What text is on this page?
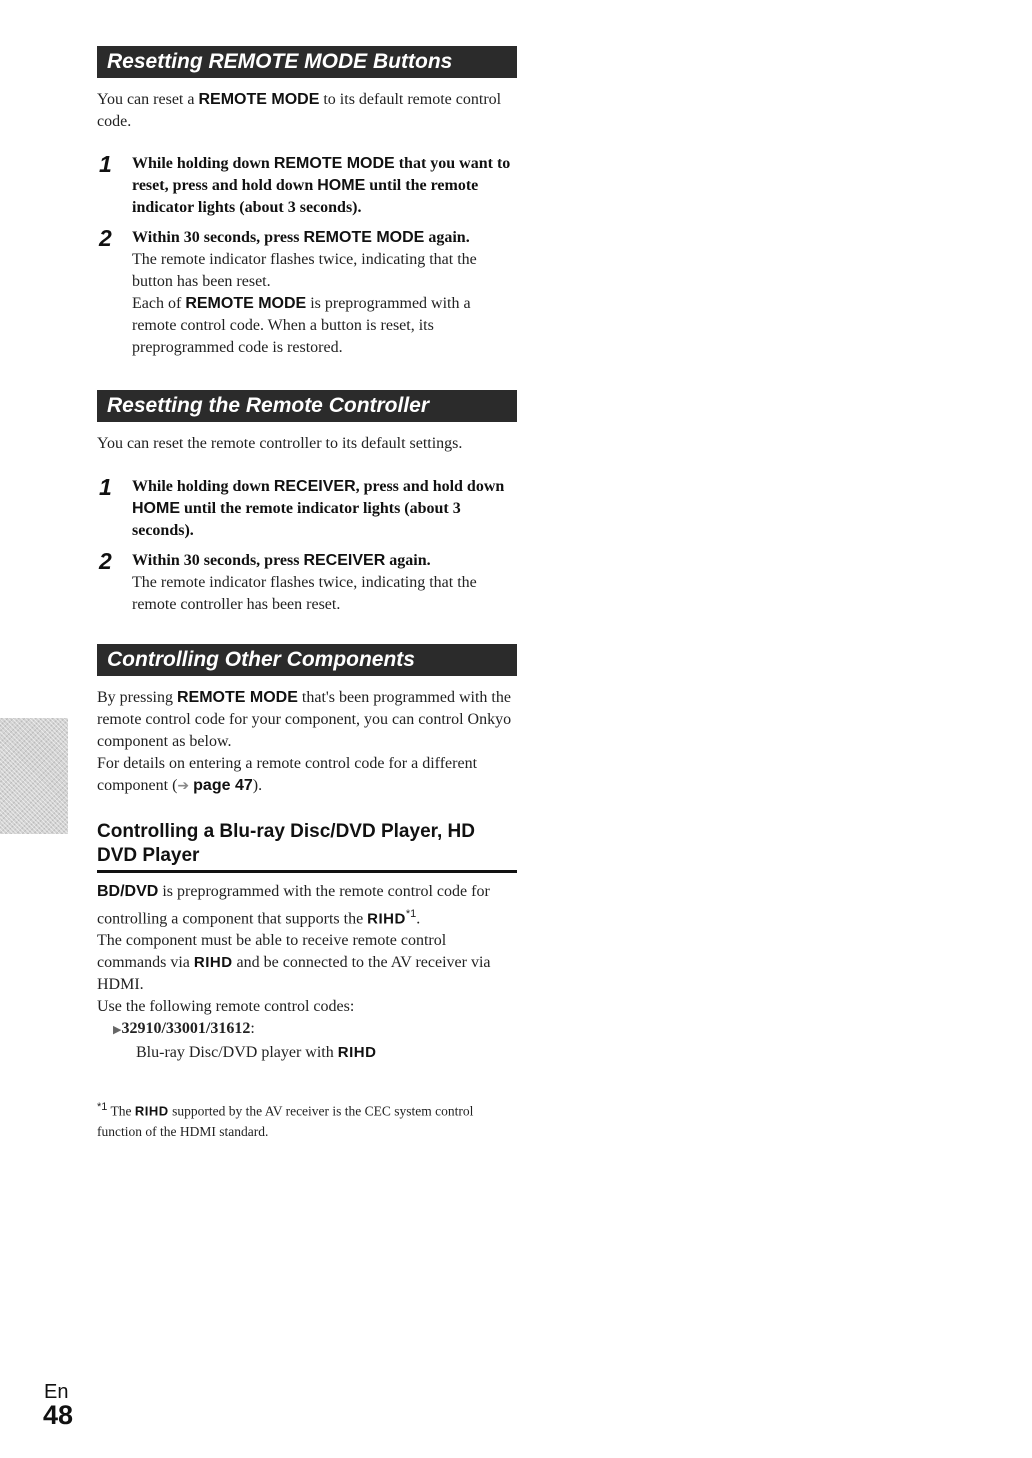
Resetting REMOTE MODE Buttons

You can reset a REMOTE MODE to its default remote control code.

1 While holding down REMOTE MODE that you want to reset, press and hold down HOME until the remote indicator lights (about 3 seconds).

2 Within 30 seconds, press REMOTE MODE again.

The remote indicator flashes twice, indicating that the button has been reset.

Each of REMOTE MODE is preprogrammed with a remote control code. When a button is reset, its preprogrammed code is restored.

Resetting the Remote Controller

You can reset the remote controller to its default settings.

1 While holding down RECEIVER, press and hold down HOME until the remote indicator lights (about 3 seconds).

2 Within 30 seconds, press RECEIVER again.

The remote indicator flashes twice, indicating that the remote controller has been reset.

Controlling Other Components

By pressing REMOTE MODE that's been programmed with the remote control code for your component, you can control Onkyo component as below.

For details on entering a remote control code for a different component (➔ page 47).

Controlling a Blu-ray Disc/DVD Player, HD DVD Player

BD/DVD is preprogrammed with the remote control code for controlling a component that supports the RIHD$^{*1}$.

The component must be able to receive remote control commands via RIHD and be connected to the AV receiver via HDMI.

Use the following remote control codes:

▶32910/33001/31612:

Blu-ray Disc/DVD player with RIHD

$^{*1}$ The RIHD supported by the AV receiver is the CEC system control function of the HDMI standard.
En
48
